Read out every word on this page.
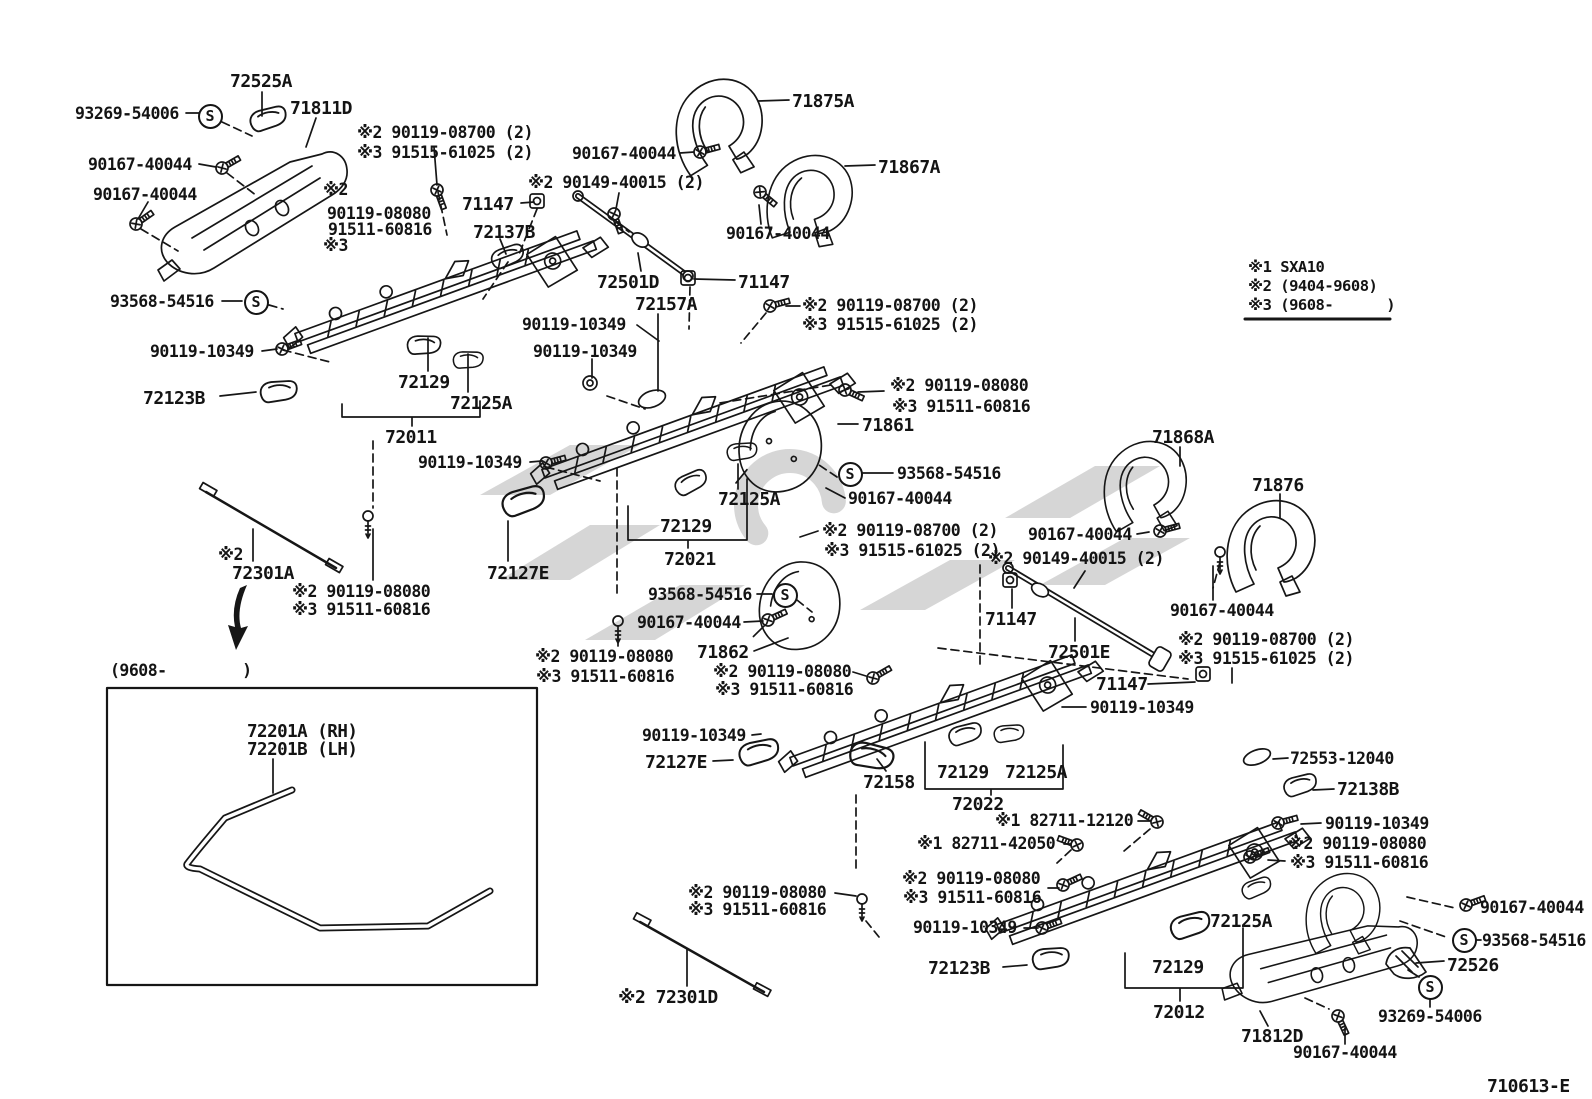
72525A
93269-54006	71811D
※2 90119-08700 (2)
※3 91515-61025 (2)
90167-40044
90167-40044	※2
90119-08080
91511-60816
※3
71147
72137B
90167-40044
※2 90149-40015 (2)
71875A
71867A
90167-40044
72501D	71147
72157A	※2 90119-08700 (2)
※3 91515-61025 (2)
93568-54516
90119-10349
90119-10349
90119-10349
72123B
72129
72125A
72011
※2 90119-08080
※3 91511-60816
71861
93568-54516
90167-40044
90119-10349
72125A
72129
72021
※2 90119-08700 (2)
※3 91515-61025 (2)
93568-54516
90167-40044
71862
※2 90119-08080
※3 91511-60816
※2
72301A
※2 90119-08080
※3 91511-60816
72127E
71868A
71876
90167-40044
※2 90149-40015 (2)
90167-40044
71147
72501E
※2 90119-08700 (2)
※3 91515-61025 (2)
71147
90119-10349
※2 90119-08080
※3 91511-60816
(9608-        )
72201A (RH)
72201B (LH)
90119-10349
72127E
72158 72129 72125A
72022
※1 82711-12120
※1 82711-42050
※2 90119-08080
※3 91511-60816
90119-10349
72123B
※2 90119-08080
※3 91511-60816
※2 72301D
72553-12040
72138B
90119-10349
※2 90119-08080
※3 91511-60816
90167-40044
93568-54516
72526
93269-54006
72125A
72129
72012
71812D
90167-40044
710613-E
※1 SXA10
※2 (9404-9608)
※3 (9608-      )
S
S
S
S
S
S
